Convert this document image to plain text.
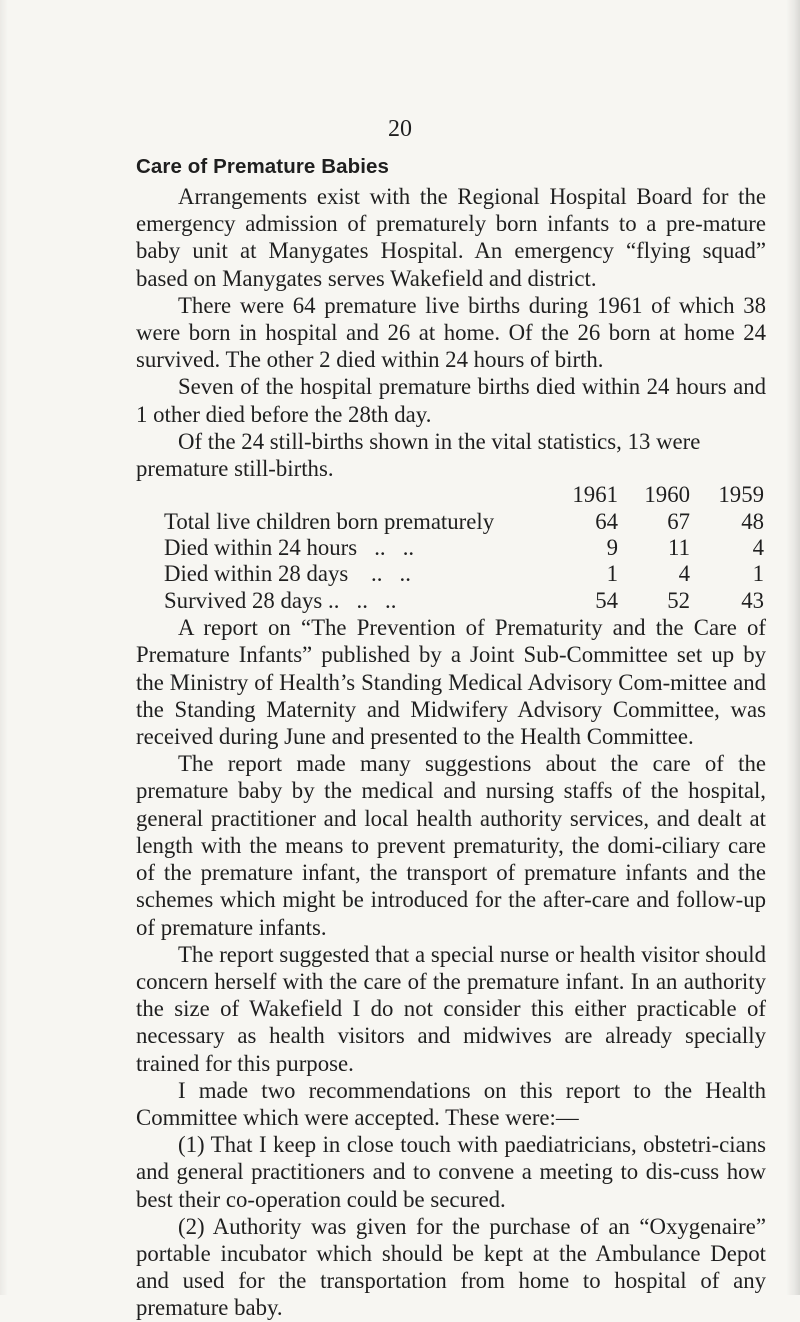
20
Care of Premature Babies

Arrangements exist with the Regional Hospital Board for the emergency admission of prematurely born infants to a pre-mature baby unit at Manygates Hospital. An emergency “flying squad” based on Manygates serves Wakefield and district.

There were 64 premature live births during 1961 of which 38 were born in hospital and 26 at home. Of the 26 born at home 24 survived. The other 2 died within 24 hours of birth.

Seven of the hospital premature births died within 24 hours and 1 other died before the 28th day.

Of the 24 still-births shown in the vital statistics, 13 were premature still-births.

	1961	1960	1959
Total live children born prematurely	64	67	48
Died within 24 hours   ..   ..	9	11	4
Died within 28 days    ..   ..	1	4	1
Survived 28 days ..   ..   ..	54	52	43

A report on “The Prevention of Prematurity and the Care of Premature Infants” published by a Joint Sub-Committee set up by the Ministry of Health’s Standing Medical Advisory Com-mittee and the Standing Maternity and Midwifery Advisory Committee, was received during June and presented to the Health Committee.

The report made many suggestions about the care of the premature baby by the medical and nursing staffs of the hospital, general practitioner and local health authority services, and dealt at length with the means to prevent prematurity, the domi-ciliary care of the premature infant, the transport of premature infants and the schemes which might be introduced for the after-care and follow-up of premature infants.

The report suggested that a special nurse or health visitor should concern herself with the care of the premature infant. In an authority the size of Wakefield I do not consider this either practicable of necessary as health visitors and midwives are already specially trained for this purpose.

I made two recommendations on this report to the Health Committee which were accepted. These were:—

(1) That I keep in close touch with paediatricians, obstetri-cians and general practitioners and to convene a meeting to dis-cuss how best their co-operation could be secured.

(2) Authority was given for the purchase of an “Oxygenaire” portable incubator which should be kept at the Ambulance Depot and used for the transportation from home to hospital of any premature baby.
